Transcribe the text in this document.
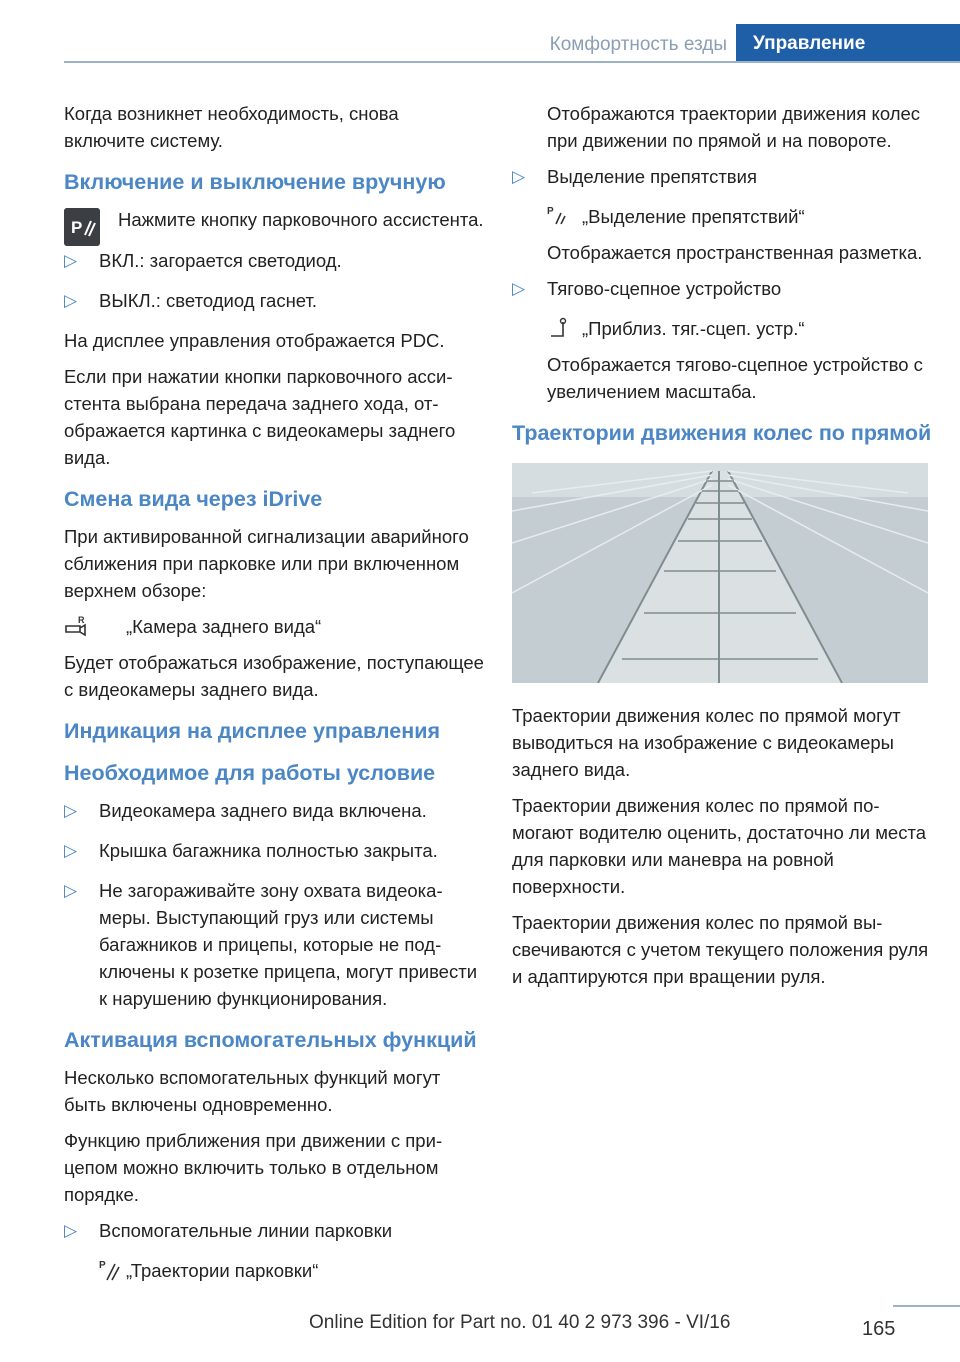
Комфортность езды	Управление

Когда возникнет необходимость, снова включите систему.

Включение и выключение вручную
P Нажмите кнопку парковочного ассистента.

▷ ВКЛ.: загорается светодиод.
▷ ВЫКЛ.: светодиод гаснет.

На дисплее управления отображается PDC.

Если при нажатии кнопки парковочного ассистента выбрана передача заднего хода, отображается картинка с видеокамеры заднего вида.

Смена вида через iDrive

При активированной сигнализации аварийного сближения при парковке или при включенном верхнем обзоре:

R „Камера заднего вида“

Будет отображаться изображение, поступающее с видеокамеры заднего вида.

Индикация на дисплее управления
Необходимое для работы условие
▷ Видеокамера заднего вида включена.
▷ Крышка багажника полностью закрыта.
▷ Не загораживайте зону охвата видеокамеры. Выступающий груз или системы багажников и прицепы, которые не подключены к розетке прицепа, могут привести к нарушению функционирования.
Активация вспомогательных функций

Несколько вспомогательных функций могут быть включены одновременно.

Функцию приближения при движении с прицепом можно включить только в отдельном порядке.

▷ Вспомогательные линии парковки
P „Траектории парковки“

Отображаются траектории движения колес при движении по прямой и на повороте.

▷ Выделение препятствия
P „Выделение препятствий“

Отображается пространственная разметка.

▷ Тягово-сцепное устройство
„Приблиз. тяг.-сцеп. устр.“

Отображается тягово-сцепное устройство с увеличением масштаба.

Траектории движения колес по прямой

Траектории движения колес по прямой могут выводиться на изображение с видеокамеры заднего вида.

Траектории движения колес по прямой помогают водителю оценить, достаточно ли места для парковки или маневра на ровной поверхности.

Траектории движения колес по прямой высвечиваются с учетом текущего положения руля и адаптируются при вращении руля.

165
Online Edition for Part no. 01 40 2 973 396 - VI/16
